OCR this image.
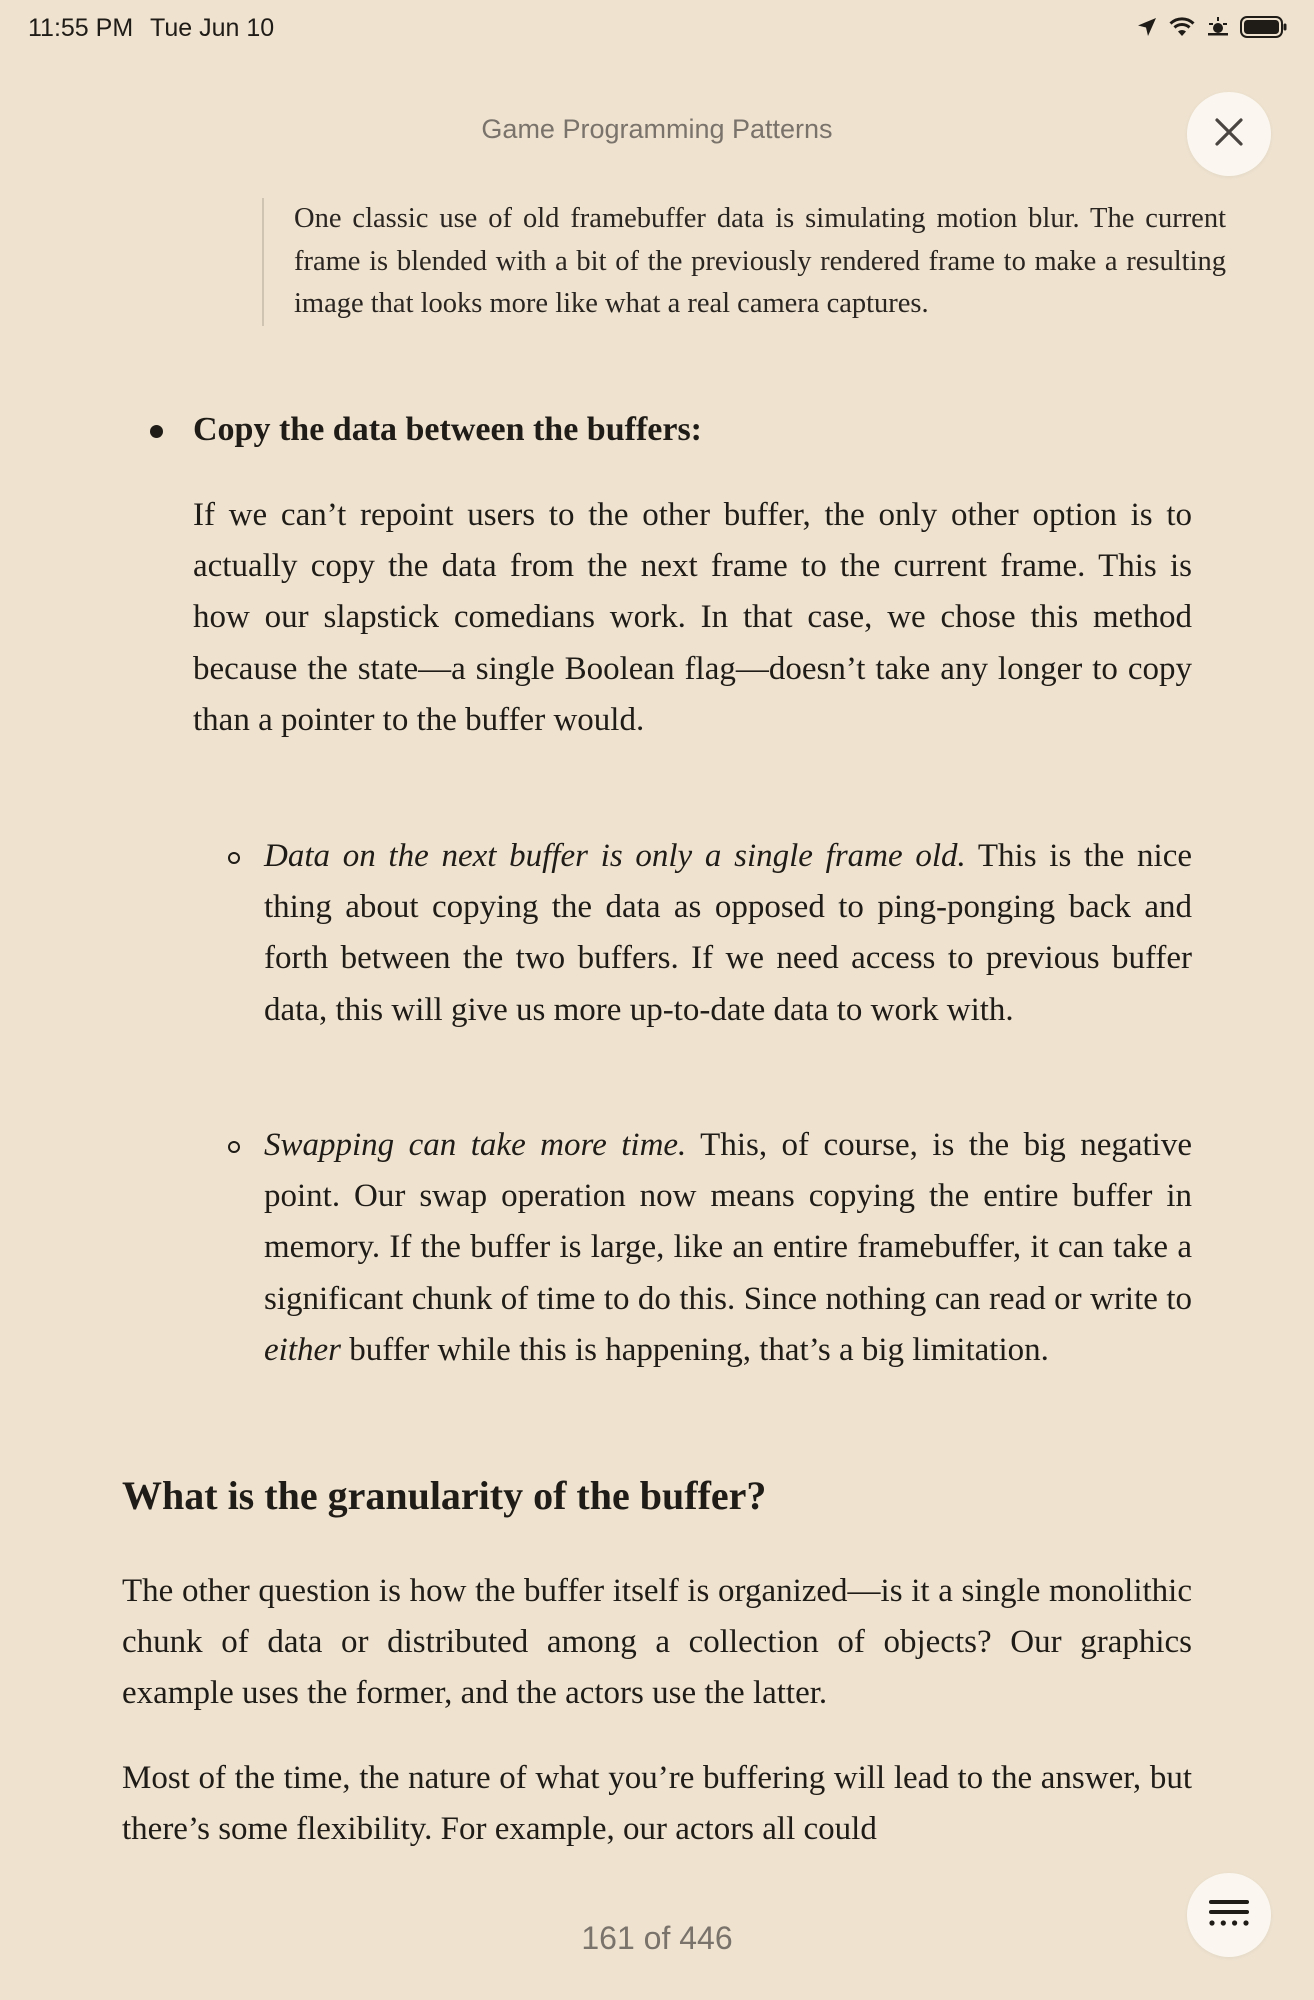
11:55 PM Tue Jun 10
Game Programming Patterns
One classic use of old framebuffer data is simulating motion blur. The current frame is blended with a bit of the previously rendered frame to make a resulting image that looks more like what a real camera captures.
Copy the data between the buffers:
If we can’t repoint users to the other buffer, the only other option is to actually copy the data from the next frame to the current frame. This is how our slapstick comedians work. In that case, we chose this method because the state—a single Boolean flag—doesn’t take any longer to copy than a pointer to the buffer would.
Data on the next buffer is only a single frame old. This is the nice thing about copying the data as opposed to ping-ponging back and forth between the two buffers. If we need access to previous buffer data, this will give us more up-to-date data to work with.
Swapping can take more time. This, of course, is the big negative point. Our swap operation now means copying the entire buffer in memory. If the buffer is large, like an entire framebuffer, it can take a significant chunk of time to do this. Since nothing can read or write to either buffer while this is happening, that’s a big limitation.
What is the granularity of the buffer?
The other question is how the buffer itself is organized—is it a single monolithic chunk of data or distributed among a collection of objects? Our graphics example uses the former, and the actors use the latter.
Most of the time, the nature of what you’re buffering will lead to the answer, but there’s some flexibility. For example, our actors all could
161 of 446
